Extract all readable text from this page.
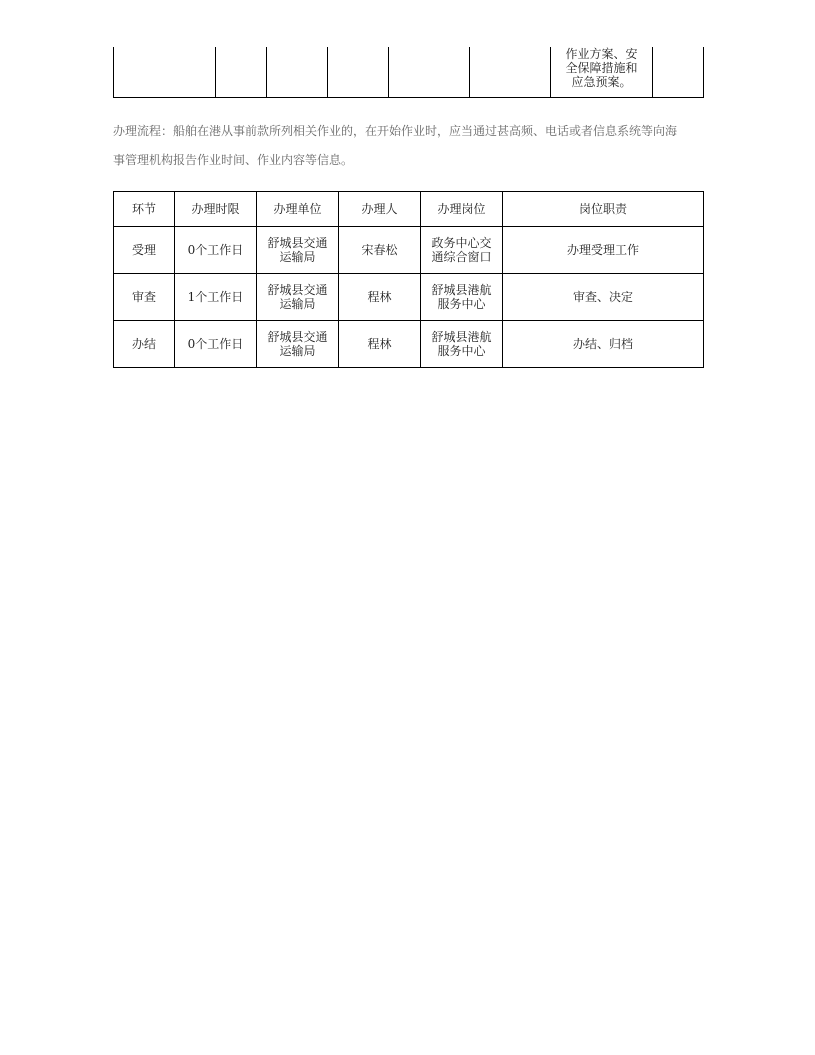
作业方案、安
全保障措施和
应急预案。

办理流程：船舶在港从事前款所列相关作业的，在开始作业时，应当通过甚高频、电话或者信息系统等向海

事管理机构报告作业时间、作业内容等信息。

环节	办理时限	办理单位	办理人	办理岗位	岗位职责
受理	0个工作日	舒城县交通
运输局	宋春松	政务中心交
通综合窗口	办理受理工作
审查	1个工作日	舒城县交通
运输局	程林	舒城县港航
服务中心	审查、决定
办结	0个工作日	舒城县交通
运输局	程林	舒城县港航
服务中心	办结、归档
